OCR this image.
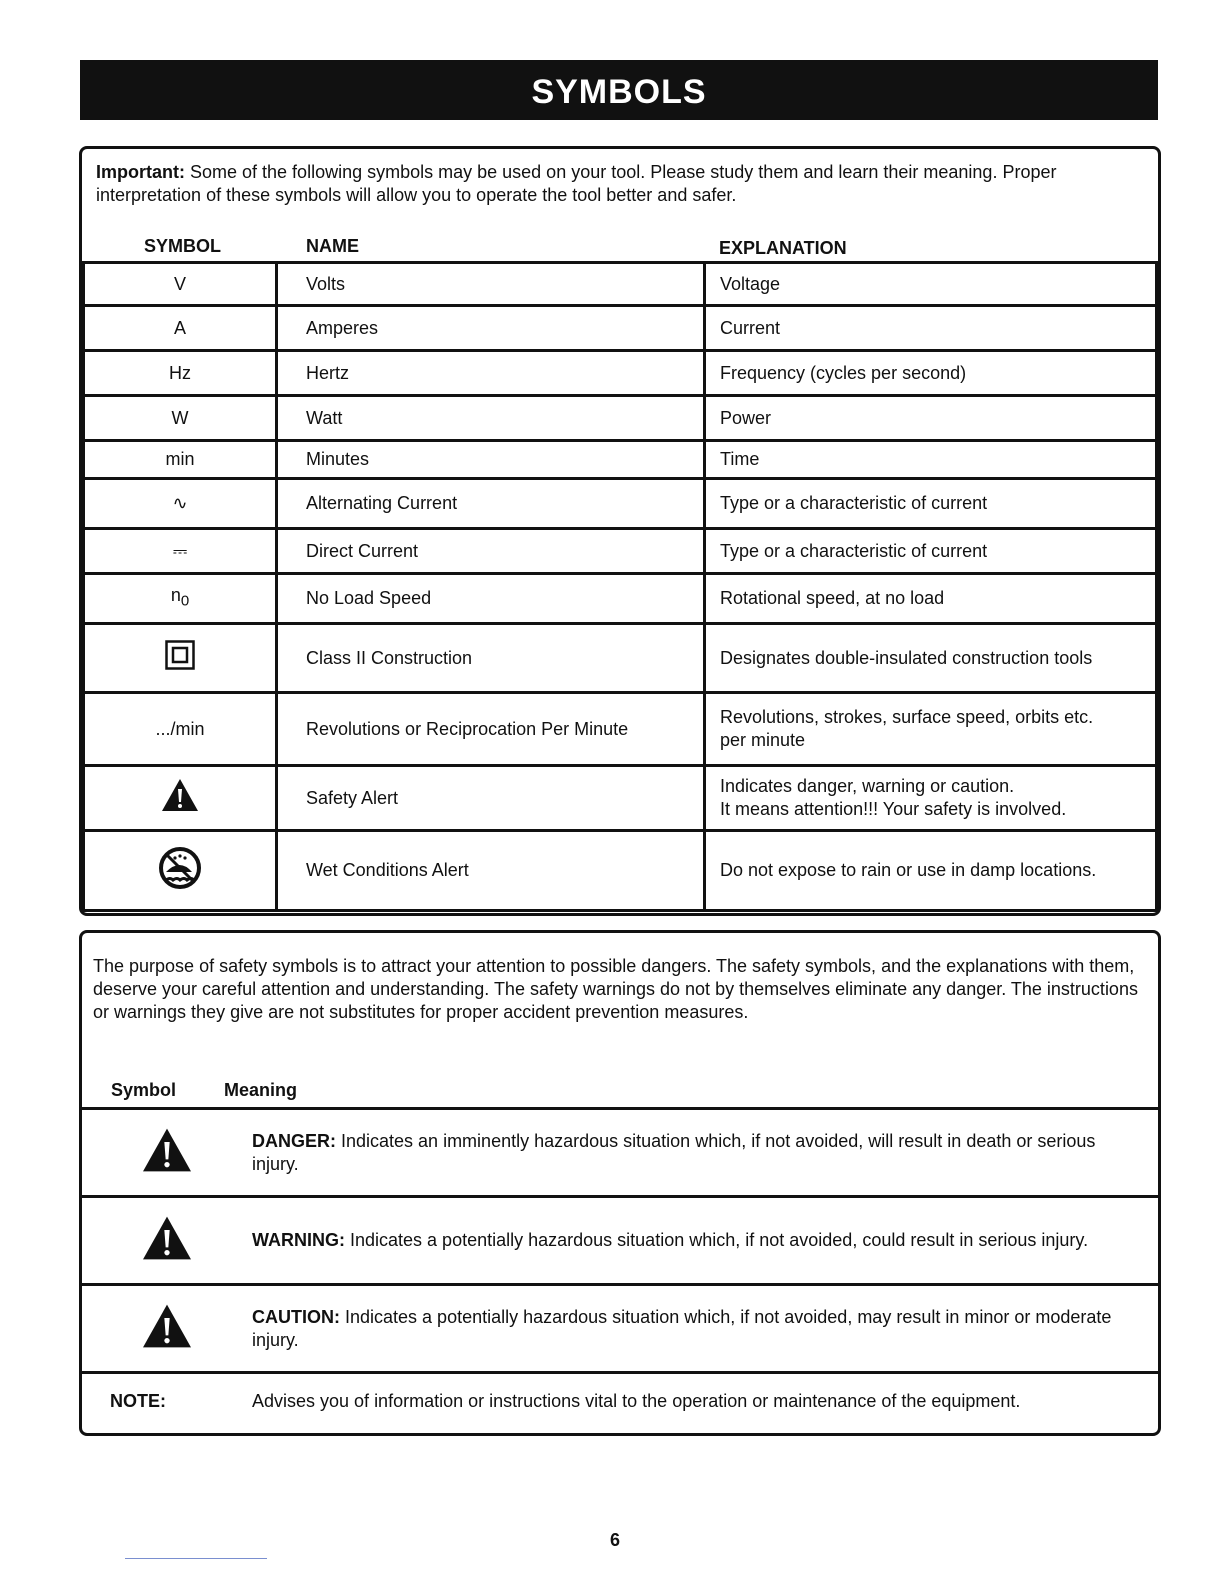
SYMBOLS
Important: Some of the following symbols may be used on your tool. Please study them and learn their meaning. Proper interpretation of these symbols will allow you to operate the tool better and safer.
SYMBOL	NAME	EXPLANATION
V	Volts	Voltage
A	Amperes	Current
Hz	Hertz	Frequency (cycles per second)
W	Watt	Power
min	Minutes	Time
∿	Alternating Current	Type or a characteristic of current
⎓	Direct Current	Type or a characteristic of current
$n_0$	No Load Speed	Rotational speed, at no load
	Class II Construction	Designates double-insulated construction tools
.../min	Revolutions or Reciprocation Per Minute	Revolutions, strokes, surface speed, orbits etc. per minute
	Safety Alert	Indicates danger, warning or caution.
It means attention!!! Your safety is involved.
	Wet Conditions Alert	Do not expose to rain or use in damp locations.
The purpose of safety symbols is to attract your attention to possible dangers. The safety symbols, and the explanations with them, deserve your careful attention and understanding. The safety warnings do not by themselves eliminate any danger. The instructions or warnings they give are not substitutes for proper accident prevention measures.
Symbol	Meaning
	DANGER: Indicates an imminently hazardous situation which, if not avoided, will result in death or serious injury.
	WARNING: Indicates a potentially hazardous situation which, if not avoided, could result in serious injury.
	CAUTION: Indicates a potentially hazardous situation which, if not avoided, may result in minor or moderate injury.
NOTE:	Advises you of information or instructions vital to the operation or maintenance of the equipment.
6
